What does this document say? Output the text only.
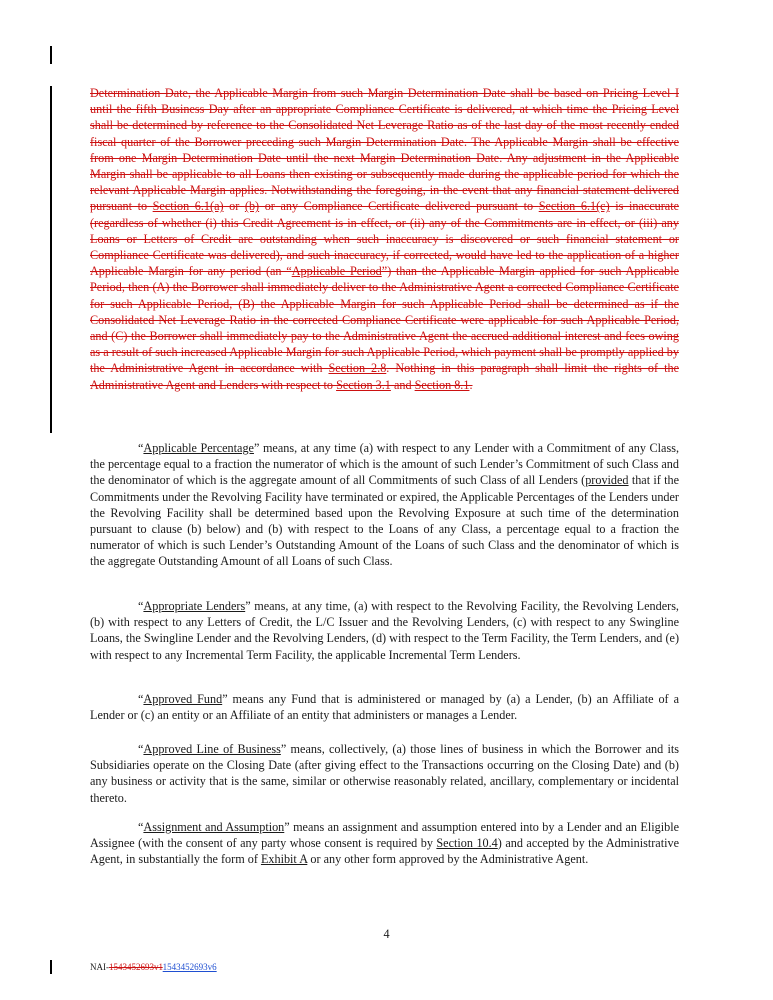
Determination Date, the Applicable Margin from such Margin Determination Date shall be based on Pricing Level I until the fifth Business Day after an appropriate Compliance Certificate is delivered, at which time the Pricing Level shall be determined by reference to the Consolidated Net Leverage Ratio as of the last day of the most recently ended fiscal quarter of the Borrower preceding such Margin Determination Date. The Applicable Margin shall be effective from one Margin Determination Date until the next Margin Determination Date. Any adjustment in the Applicable Margin shall be applicable to all Loans then existing or subsequently made during the applicable period for which the relevant Applicable Margin applies. Notwithstanding the foregoing, in the event that any financial statement delivered pursuant to Section 6.1(a) or (b) or any Compliance Certificate delivered pursuant to Section 6.1(c) is inaccurate (regardless of whether (i) this Credit Agreement is in effect, or (ii) any of the Commitments are in effect, or (iii) any Loans or Letters of Credit are outstanding when such inaccuracy is discovered or such financial statement or Compliance Certificate was delivered), and such inaccuracy, if corrected, would have led to the application of a higher Applicable Margin for any period (an “Applicable Period”) than the Applicable Margin applied for such Applicable Period, then (A) the Borrower shall immediately deliver to the Administrative Agent a corrected Compliance Certificate for such Applicable Period, (B) the Applicable Margin for such Applicable Period shall be determined as if the Consolidated Net Leverage Ratio in the corrected Compliance Certificate were applicable for such Applicable Period, and (C) the Borrower shall immediately pay to the Administrative Agent the accrued additional interest and fees owing as a result of such increased Applicable Margin for such Applicable Period, which payment shall be promptly applied by the Administrative Agent in accordance with Section 2.8. Nothing in this paragraph shall limit the rights of the Administrative Agent and Lenders with respect to Section 3.1 and Section 8.1.
“Applicable Percentage” means, at any time (a) with respect to any Lender with a Commitment of any Class, the percentage equal to a fraction the numerator of which is the amount of such Lender’s Commitment of such Class and the denominator of which is the aggregate amount of all Commitments of such Class of all Lenders (provided that if the Commitments under the Revolving Facility have terminated or expired, the Applicable Percentages of the Lenders under the Revolving Facility shall be determined based upon the Revolving Exposure at such time of the determination pursuant to clause (b) below) and (b) with respect to the Loans of any Class, a percentage equal to a fraction the numerator of which is such Lender’s Outstanding Amount of the Loans of such Class and the denominator of which is the aggregate Outstanding Amount of all Loans of such Class.
“Appropriate Lenders” means, at any time, (a) with respect to the Revolving Facility, the Revolving Lenders, (b) with respect to any Letters of Credit, the L/C Issuer and the Revolving Lenders, (c) with respect to any Swingline Loans, the Swingline Lender and the Revolving Lenders, (d) with respect to the Term Facility, the Term Lenders, and (e) with respect to any Incremental Term Facility, the applicable Incremental Term Lenders.
“Approved Fund” means any Fund that is administered or managed by (a) a Lender, (b) an Affiliate of a Lender or (c) an entity or an Affiliate of an entity that administers or manages a Lender.
“Approved Line of Business” means, collectively, (a) those lines of business in which the Borrower and its Subsidiaries operate on the Closing Date (after giving effect to the Transactions occurring on the Closing Date) and (b) any business or activity that is the same, similar or otherwise reasonably related, ancillary, complementary or incidental thereto.
“Assignment and Assumption” means an assignment and assumption entered into by a Lender and an Eligible Assignee (with the consent of any party whose consent is required by Section 10.4) and accepted by the Administrative Agent, in substantially the form of Exhibit A or any other form approved by the Administrative Agent.
4
NAI-1543452693v11543452693v6
